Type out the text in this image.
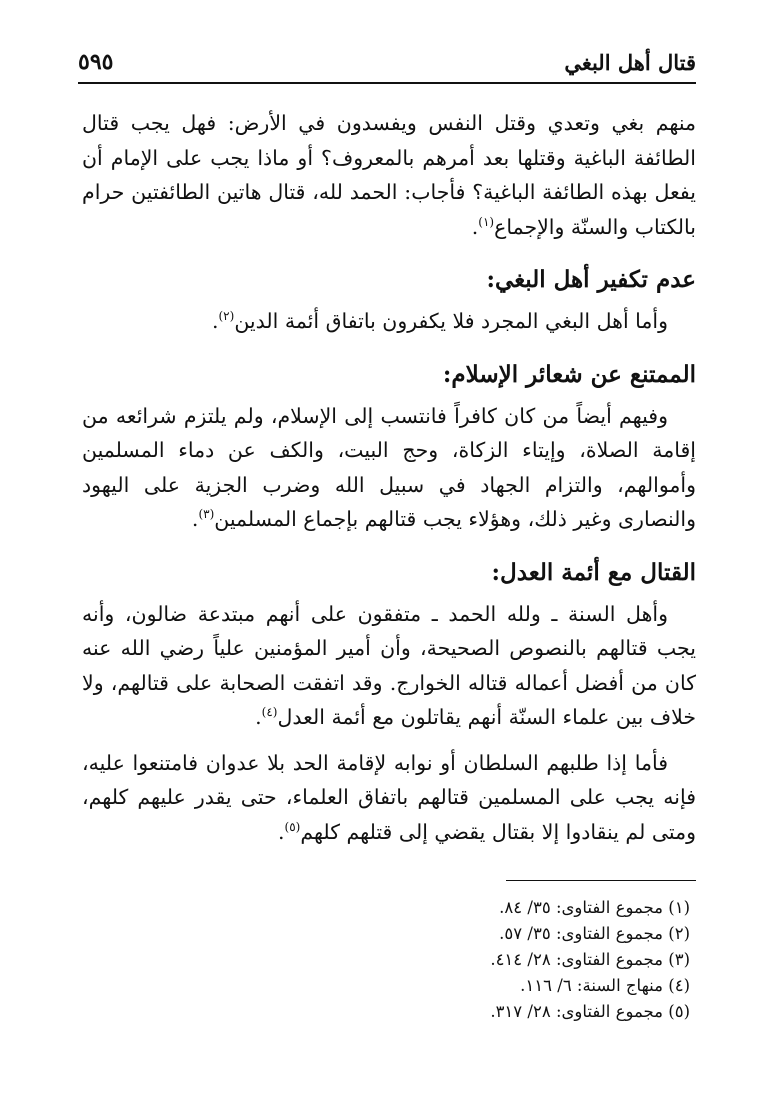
قتال أهل البغي
٥٩٥

منهم بغي وتعدي وقتل النفس ويفسدون في الأرض: فهل يجب قتال الطائفة الباغية وقتلها بعد أمرهم بالمعروف؟ أو ماذا يجب على الإمام أن يفعل بهذه الطائفة الباغية؟ فأجاب: الحمد لله، قتال هاتين الطائفتين حرام بالكتاب والسنّة والإجماع$^{(١)}$.

عدم تكفير أهل البغي:

وأما أهل البغي المجرد فلا يكفرون باتفاق أئمة الدين$^{(٢)}$.

الممتنع عن شعائر الإسلام:

وفيهم أيضاً من كان كافراً فانتسب إلى الإسلام، ولم يلتزم شرائعه من إقامة الصلاة، وإيتاء الزكاة، وحج البيت، والكف عن دماء المسلمين وأموالهم، والتزام الجهاد في سبيل الله وضرب الجزية على اليهود والنصارى وغير ذلك، وهؤلاء يجب قتالهم بإجماع المسلمين$^{(٣)}$.

القتال مع أئمة العدل:

وأهل السنة ـ ولله الحمد ـ متفقون على أنهم مبتدعة ضالون، وأنه يجب قتالهم بالنصوص الصحيحة، وأن أمير المؤمنين علياً رضي الله عنه كان من أفضل أعماله قتاله الخوارج. وقد اتفقت الصحابة على قتالهم، ولا خلاف بين علماء السنّة أنهم يقاتلون مع أئمة العدل$^{(٤)}$.

فأما إذا طلبهم السلطان أو نوابه لإقامة الحد بلا عدوان فامتنعوا عليه، فإنه يجب على المسلمين قتالهم باتفاق العلماء، حتى يقدر عليهم كلهم، ومتى لم ينقادوا إلا بقتال يقضي إلى قتلهم كلهم$^{(٥)}$.

(١) مجموع الفتاوى: ٣٥/ ٨٤.
(٢) مجموع الفتاوى: ٣٥/ ٥٧.
(٣) مجموع الفتاوى: ٢٨/ ٤١٤.
(٤) منهاج السنة: ٦/ ١١٦.
(٥) مجموع الفتاوى: ٢٨/ ٣١٧.
